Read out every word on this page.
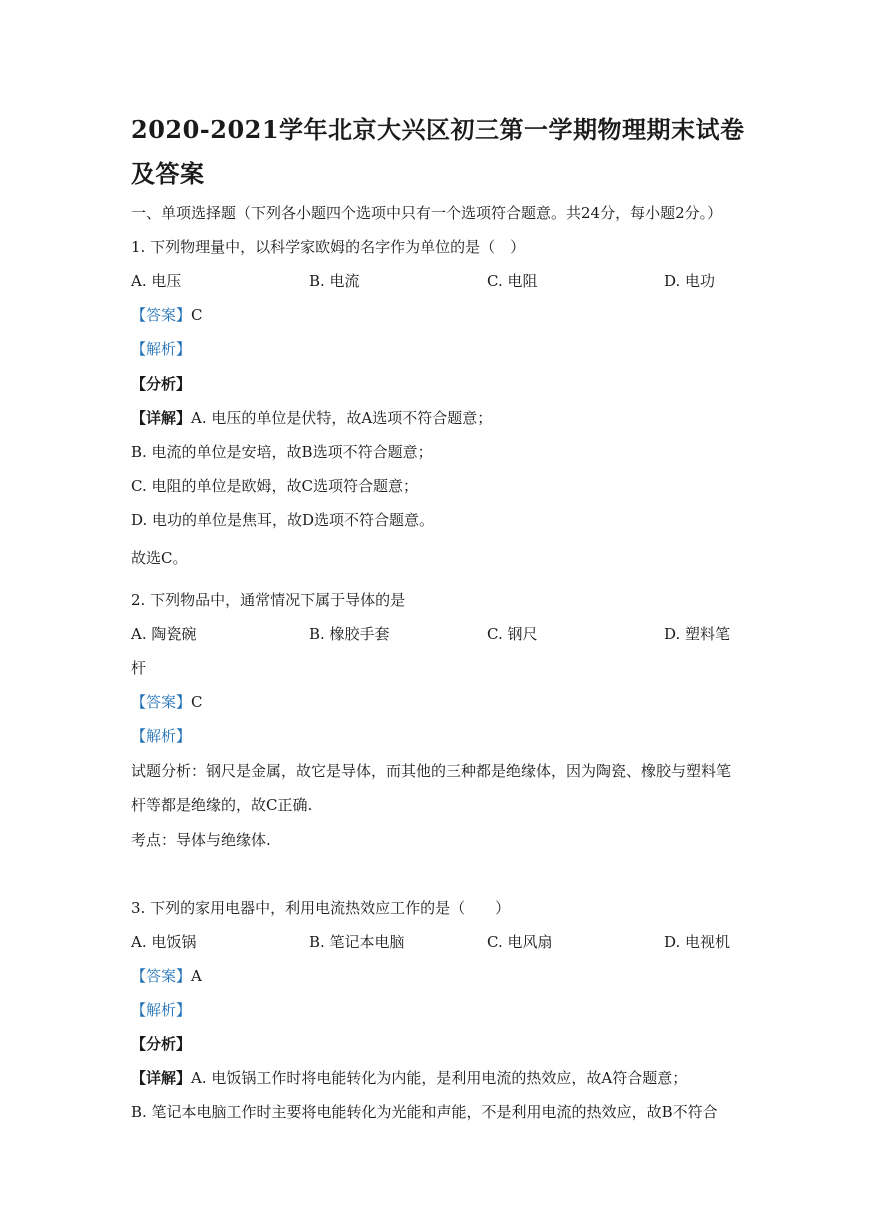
2020-2021学年北京大兴区初三第一学期物理期末试卷及答案
一、单项选择题（下列各小题四个选项中只有一个选项符合题意。共24分，每小题2分。）
1. 下列物理量中，以科学家欧姆的名字作为单位的是（　）
A. 电压	B. 电流	C. 电阻	D. 电功
【答案】C
【解析】
【分析】
【详解】A. 电压的单位是伏特，故A选项不符合题意；
B. 电流的单位是安培，故B选项不符合题意；
C. 电阻的单位是欧姆，故C选项符合题意；
D. 电功的单位是焦耳，故D选项不符合题意。
故选C。
2. 下列物品中，通常情况下属于导体的是
A. 陶瓷碗	B. 橡胶手套	C. 钢尺	D. 塑料笔
杆
【答案】C
【解析】
试题分析：钢尺是金属，故它是导体，而其他的三种都是绝缘体，因为陶瓷、橡胶与塑料笔杆等都是绝缘的，故C正确.
考点：导体与绝缘体.
3. 下列的家用电器中，利用电流热效应工作的是（　　）
A. 电饭锅	B. 笔记本电脑	C. 电风扇	D. 电视机
【答案】A
【解析】
【分析】
【详解】A. 电饭锅工作时将电能转化为内能，是利用电流的热效应，故A符合题意；
B. 笔记本电脑工作时主要将电能转化为光能和声能，不是利用电流的热效应，故B不符合
